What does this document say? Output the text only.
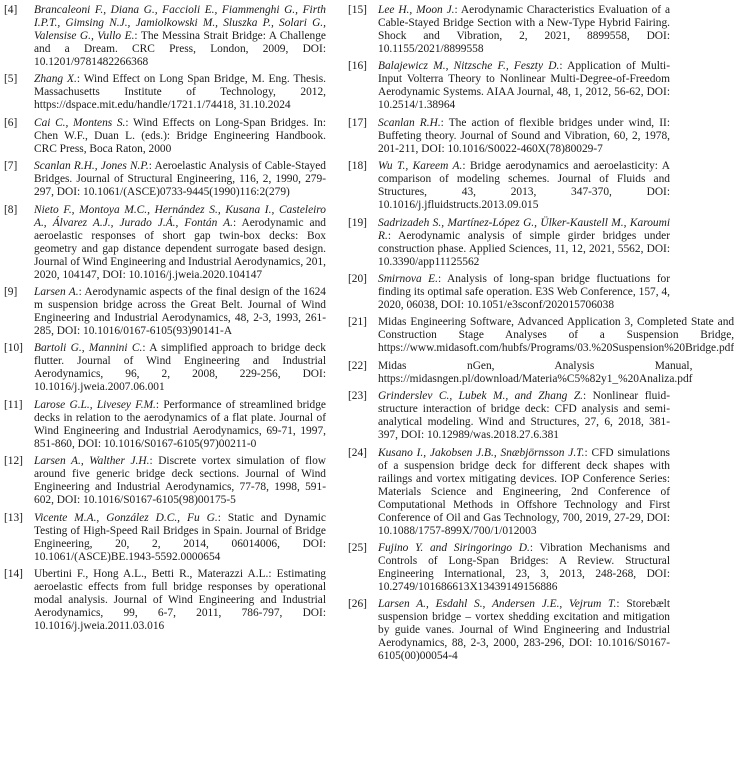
[4]	Brancaleoni F., Diana G., Faccioli E., Fiammenghi G., Firth I.P.T., Gimsing N.J., Jamiolkowski M., Sluszka P., Solari G., Valensise G., Vullo E.: The Messina Strait Bridge: A Challenge and a Dream. CRC Press, London, 2009, DOI: 10.1201/9781482266368
[5]	Zhang X.: Wind Effect on Long Span Bridge, M. Eng. Thesis. Massachusetts Institute of Technology, 2012, https://dspace.mit.edu/handle/1721.1/74418, 31.10.2024
[6]	Cai C., Montens S.: Wind Effects on Long-Span Bridges. In: Chen W.F., Duan L. (eds.): Bridge Engineering Handbook. CRC Press, Boca Raton, 2000
[7]	Scanlan R.H., Jones N.P.: Aeroelastic Analysis of Cable-Stayed Bridges. Journal of Structural Engineering, 116, 2, 1990, 279-297, DOI: 10.1061/(ASCE)0733-9445(1990)116:2(279)
[8]	Nieto F., Montoya M.C., Hernández S., Kusana I., Casteleiro A., Álvarez A.J., Jurado J.Á., Fontán A.: Aerodynamic and aeroelastic responses of short gap twin-box decks: Box geometry and gap distance dependent surrogate based design. Journal of Wind Engineering and Industrial Aerodynamics, 201, 2020, 104147, DOI: 10.1016/j.jweia.2020.104147
[9]	Larsen A.: Aerodynamic aspects of the final design of the 1624 m suspension bridge across the Great Belt. Journal of Wind Engineering and Industrial Aerodynamics, 48, 2-3, 1993, 261-285, DOI: 10.1016/0167-6105(93)90141-A
[10] Bartoli G., Mannini C.: A simplified approach to bridge deck flutter. Journal of Wind Engineering and Industrial Aerodynamics, 96, 2, 2008, 229-256, DOI: 10.1016/j.jweia.2007.06.001
[11]	Larose G.L., Livesey F.M.: Performance of streamlined bridge decks in relation to the aerodynamics of a flat plate. Journal of Wind Engineering and Industrial Aerodynamics, 69-71, 1997, 851-860, DOI: 10.1016/S0167-6105(97)00211-0
[12] Larsen A., Walther J.H.: Discrete vortex simulation of flow around five generic bridge deck sections. Journal of Wind Engineering and Industrial Aerodynamics, 77-78, 1998, 591-602, DOI: 10.1016/S0167-6105(98)00175-5
[13] Vicente M.A., González D.C., Fu G.: Static and Dynamic Testing of High-Speed Rail Bridges in Spain. Journal of Bridge Engineering, 20, 2, 2014, 06014006, DOI: 10.1061/(ASCE)BE.1943-5592.0000654
[14] Ubertini F., Hong A.L., Betti R., Materazzi A.L.: Estimating aeroelastic effects from full bridge responses by operational modal analysis. Journal of Wind Engineering and Industrial Aerodynamics, 99, 6-7, 2011, 786-797, DOI: 10.1016/j.jweia.2011.03.016
[15] Lee H., Moon J.: Aerodynamic Characteristics Evaluation of a Cable-Stayed Bridge Section with a New-Type Hybrid Fairing. Shock and Vibration, 2, 2021, 8899558, DOI: 10.1155/2021/8899558
[16] Balajewicz M., Nitzsche F., Feszty D.: Application of Multi-Input Volterra Theory to Nonlinear Multi-Degree-of-Freedom Aerodynamic Systems. AIAA Journal, 48, 1, 2012, 56-62, DOI: 10.2514/1.38964
[17] Scanlan R.H.: The action of flexible bridges under wind, II: Buffeting theory. Journal of Sound and Vibration, 60, 2, 1978, 201-211, DOI: 10.1016/S0022-460X(78)80029-7
[18] Wu T., Kareem A.: Bridge aerodynamics and aeroelasticity: A comparison of modeling schemes. Journal of Fluids and Structures, 43, 2013, 347-370, DOI: 10.1016/j.jfluidstructs.2013.09.015
[19] Sadrizadeh S., Martínez-López G., Ülker-Kaustell M., Karoumi R.: Aerodynamic analysis of simple girder bridges under construction phase. Applied Sciences, 11, 12, 2021, 5562, DOI: 10.3390/app11125562
[20] Smirnova E.: Analysis of long-span bridge fluctuations for finding its optimal safe operation. E3S Web Conference, 157, 4, 2020, 06038, DOI: 10.1051/e3sconf/202015706038
[21] Midas Engineering Software, Advanced Application 3, Completed State and Construction Stage Analyses of a Suspension Bridge, https://www.midasoft.com/hubfs/Programs/03.%20Suspension%20Bridge.pdf
[22] Midas nGen, Analysis Manual, https://midasngen.pl/download/Materia%C5%82y1_%20Analiza.pdf
[23] Grinderslev C., Lubek M., and Zhang Z.: Nonlinear fluid-structure interaction of bridge deck: CFD analysis and semi-analytical modeling. Wind and Structures, 27, 6, 2018, 381-397, DOI: 10.12989/was.2018.27.6.381
[24] Kusano I., Jakobsen J.B., Snæbjörnsson J.T.: CFD simulations of a suspension bridge deck for different deck shapes with railings and vortex mitigating devices. IOP Conference Series: Materials Science and Engineering, 2nd Conference of Computational Methods in Offshore Technology and First Conference of Oil and Gas Technology, 700, 2019, 27-29, DOI: 10.1088/1757-899X/700/1/012003
[25] Fujino Y. and Siringoringo D.: Vibration Mechanisms and Controls of Long-Span Bridges: A Review. Structural Engineering International, 23, 3, 2013, 248-268, DOI: 10.2749/101686613X13439149156886
[26] Larsen A., Esdahl S., Andersen J.E., Vejrum T.: Storebælt suspension bridge – vortex shedding excitation and mitigation by guide vanes. Journal of Wind Engineering and Industrial Aerodynamics, 88, 2-3, 2000, 283-296, DOI: 10.1016/S0167-6105(00)00054-4
